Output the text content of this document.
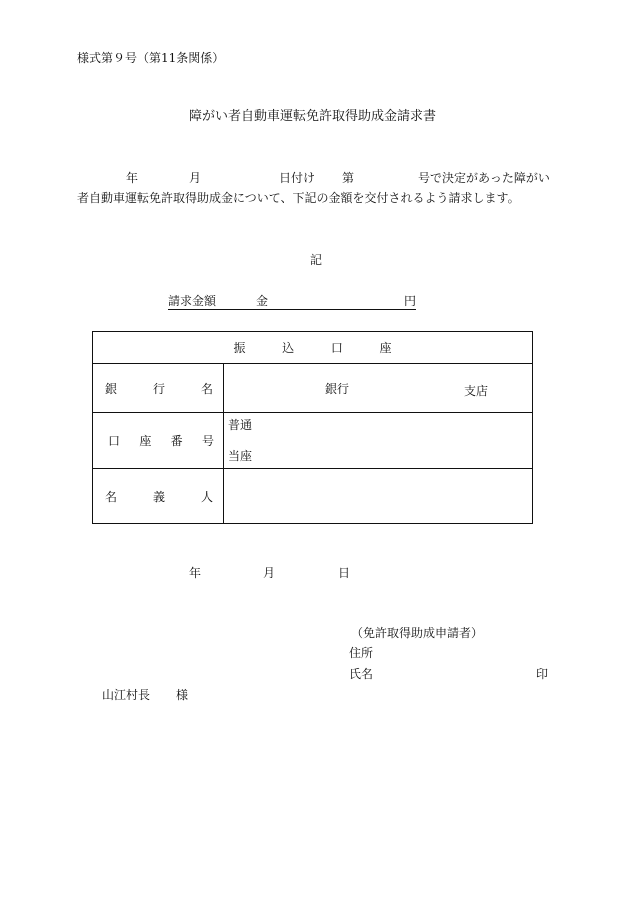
様式第９号（第11条関係）
障がい者自動車運転免許取得助成金請求書
年	月	日付け 第	号で決定があった障がい
者自動車運転免許取得助成金について、下記の金額を交付されるよう請求します。
記
請求金額	金	円
振 込 口 座	

銀 行 名	銀行 支店

口 座 番 号	普通
当座

名 義 人	

年	月	日
（免許取得助成申請者）
住所
氏名	印
山江村長 様
